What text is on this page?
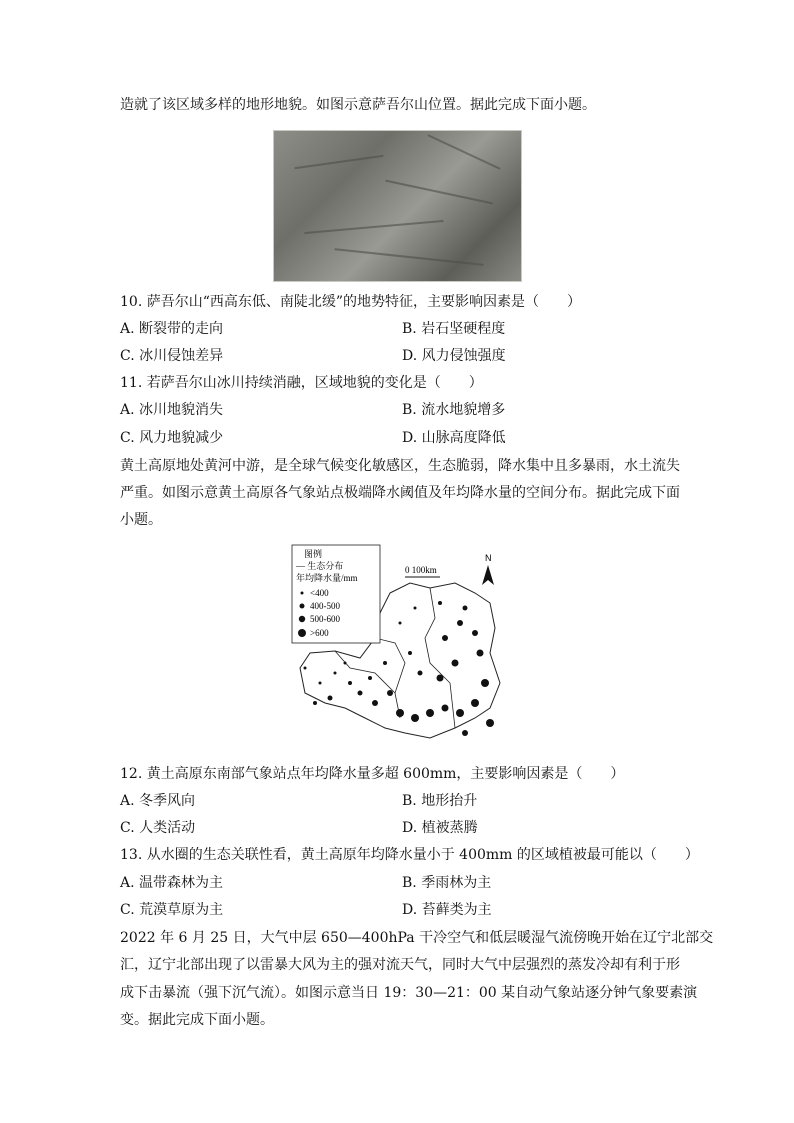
造就了该区域多样的地形地貌。如图示意萨吾尔山位置。据此完成下面小题。
10. 萨吾尔山“西高东低、南陡北缓”的地势特征，主要影响因素是（　　）
A. 断裂带的走向	B. 岩石坚硬程度
C. 冰川侵蚀差异	D. 风力侵蚀强度
11. 若萨吾尔山冰川持续消融，区域地貌的变化是（　　）
A. 冰川地貌消失	B. 流水地貌增多
C. 风力地貌减少	D. 山脉高度降低
黄土高原地处黄河中游，是全球气候变化敏感区，生态脆弱，降水集中且多暴雨，水土流失
严重。如图示意黄土高原各气象站点极端降水阈值及年均降水量的空间分布。据此完成下面
小题。
图例
— 生态分布
年均降水量/mm
<400
400-500
500-600
>600
0 100km
N
12. 黄土高原东南部气象站点年均降水量多超 600mm，主要影响因素是（　　）
A. 冬季风向	B. 地形抬升
C. 人类活动	D. 植被蒸腾
13. 从水圈的生态关联性看，黄土高原年均降水量小于 400mm 的区域植被最可能以（　　）
A. 温带森林为主	B. 季雨林为主
C. 荒漠草原为主	D. 苔藓类为主
2022 年 6 月 25 日，大气中层 650—400hPa 干冷空气和低层暖湿气流傍晚开始在辽宁北部交
汇，辽宁北部出现了以雷暴大风为主的强对流天气，同时大气中层强烈的蒸发冷却有利于形
成下击暴流（强下沉气流）。如图示意当日 19：30—21：00 某自动气象站逐分钟气象要素演
变。据此完成下面小题。
